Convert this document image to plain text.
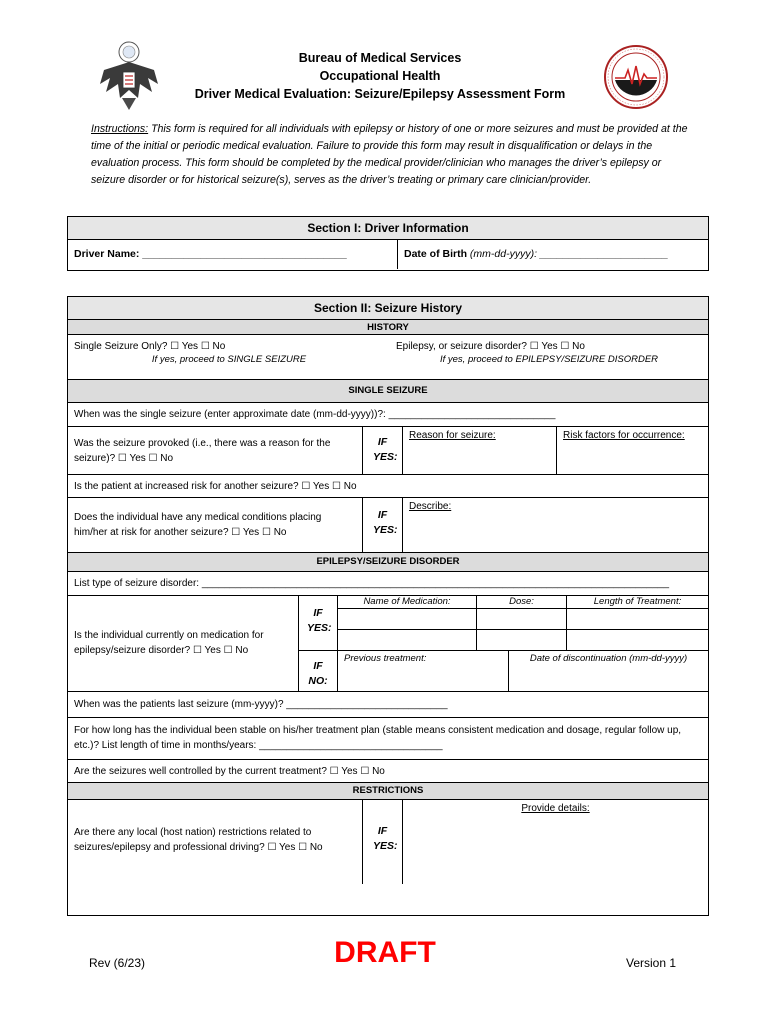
Bureau of Medical Services
Occupational Health
Driver Medical Evaluation: Seizure/Epilepsy Assessment Form
Instructions: This form is required for all individuals with epilepsy or history of one or more seizures and must be provided at the time of the initial or periodic medical evaluation. Failure to provide this form may result in disqualification or delays in the evaluation process. This form should be completed by the medical provider/clinician who manages the driver’s epilepsy or seizure disorder or for historical seizure(s), serves as the driver’s treating or primary care clinician/provider.
Section I: Driver Information
Driver Name: ___________________________________	Date of Birth (mm-dd-yyyy): ______________________
Section II: Seizure History
HISTORY
Single Seizure Only? ☐ Yes ☐ No
If yes, proceed to SINGLE SEIZURE
Epilepsy, or seizure disorder? ☐ Yes ☐ No
If yes, proceed to EPILEPSY/SEIZURE DISORDER
SINGLE SEIZURE
When was the single seizure (enter approximate date (mm-dd-yyyy))?: ______________________________
Was the seizure provoked (i.e., there was a reason for the seizure)? ☐ Yes ☐ No
IF YES:
Reason for seizure:	Risk factors for occurrence:
Is the patient at increased risk for another seizure? ☐ Yes ☐ No
Does the individual have any medical conditions placing him/her at risk for another seizure? ☐ Yes ☐ No
IF YES:
Describe:
EPILEPSY/SEIZURE DISORDER
List type of seizure disorder: ____________________________________________________________________________________
Is the individual currently on medication for epilepsy/seizure disorder? ☐ Yes ☐ No
IF YES:
Name of Medication:	Dose:	Length of Treatment:
IF NO:
Previous treatment:	Date of discontinuation (mm-dd-yyyy)
When was the patients last seizure (mm-yyyy)? _____________________________
For how long has the individual been stable on his/her treatment plan (stable means consistent medication and dosage, regular follow up, etc.)? List length of time in months/years: _________________________________
Are the seizures well controlled by the current treatment? ☐ Yes ☐ No
RESTRICTIONS
Are there any local (host nation) restrictions related to seizures/epilepsy and professional driving? ☐ Yes ☐ No
IF YES:
Provide details:
Rev (6/23)	DRAFT	Version 1
